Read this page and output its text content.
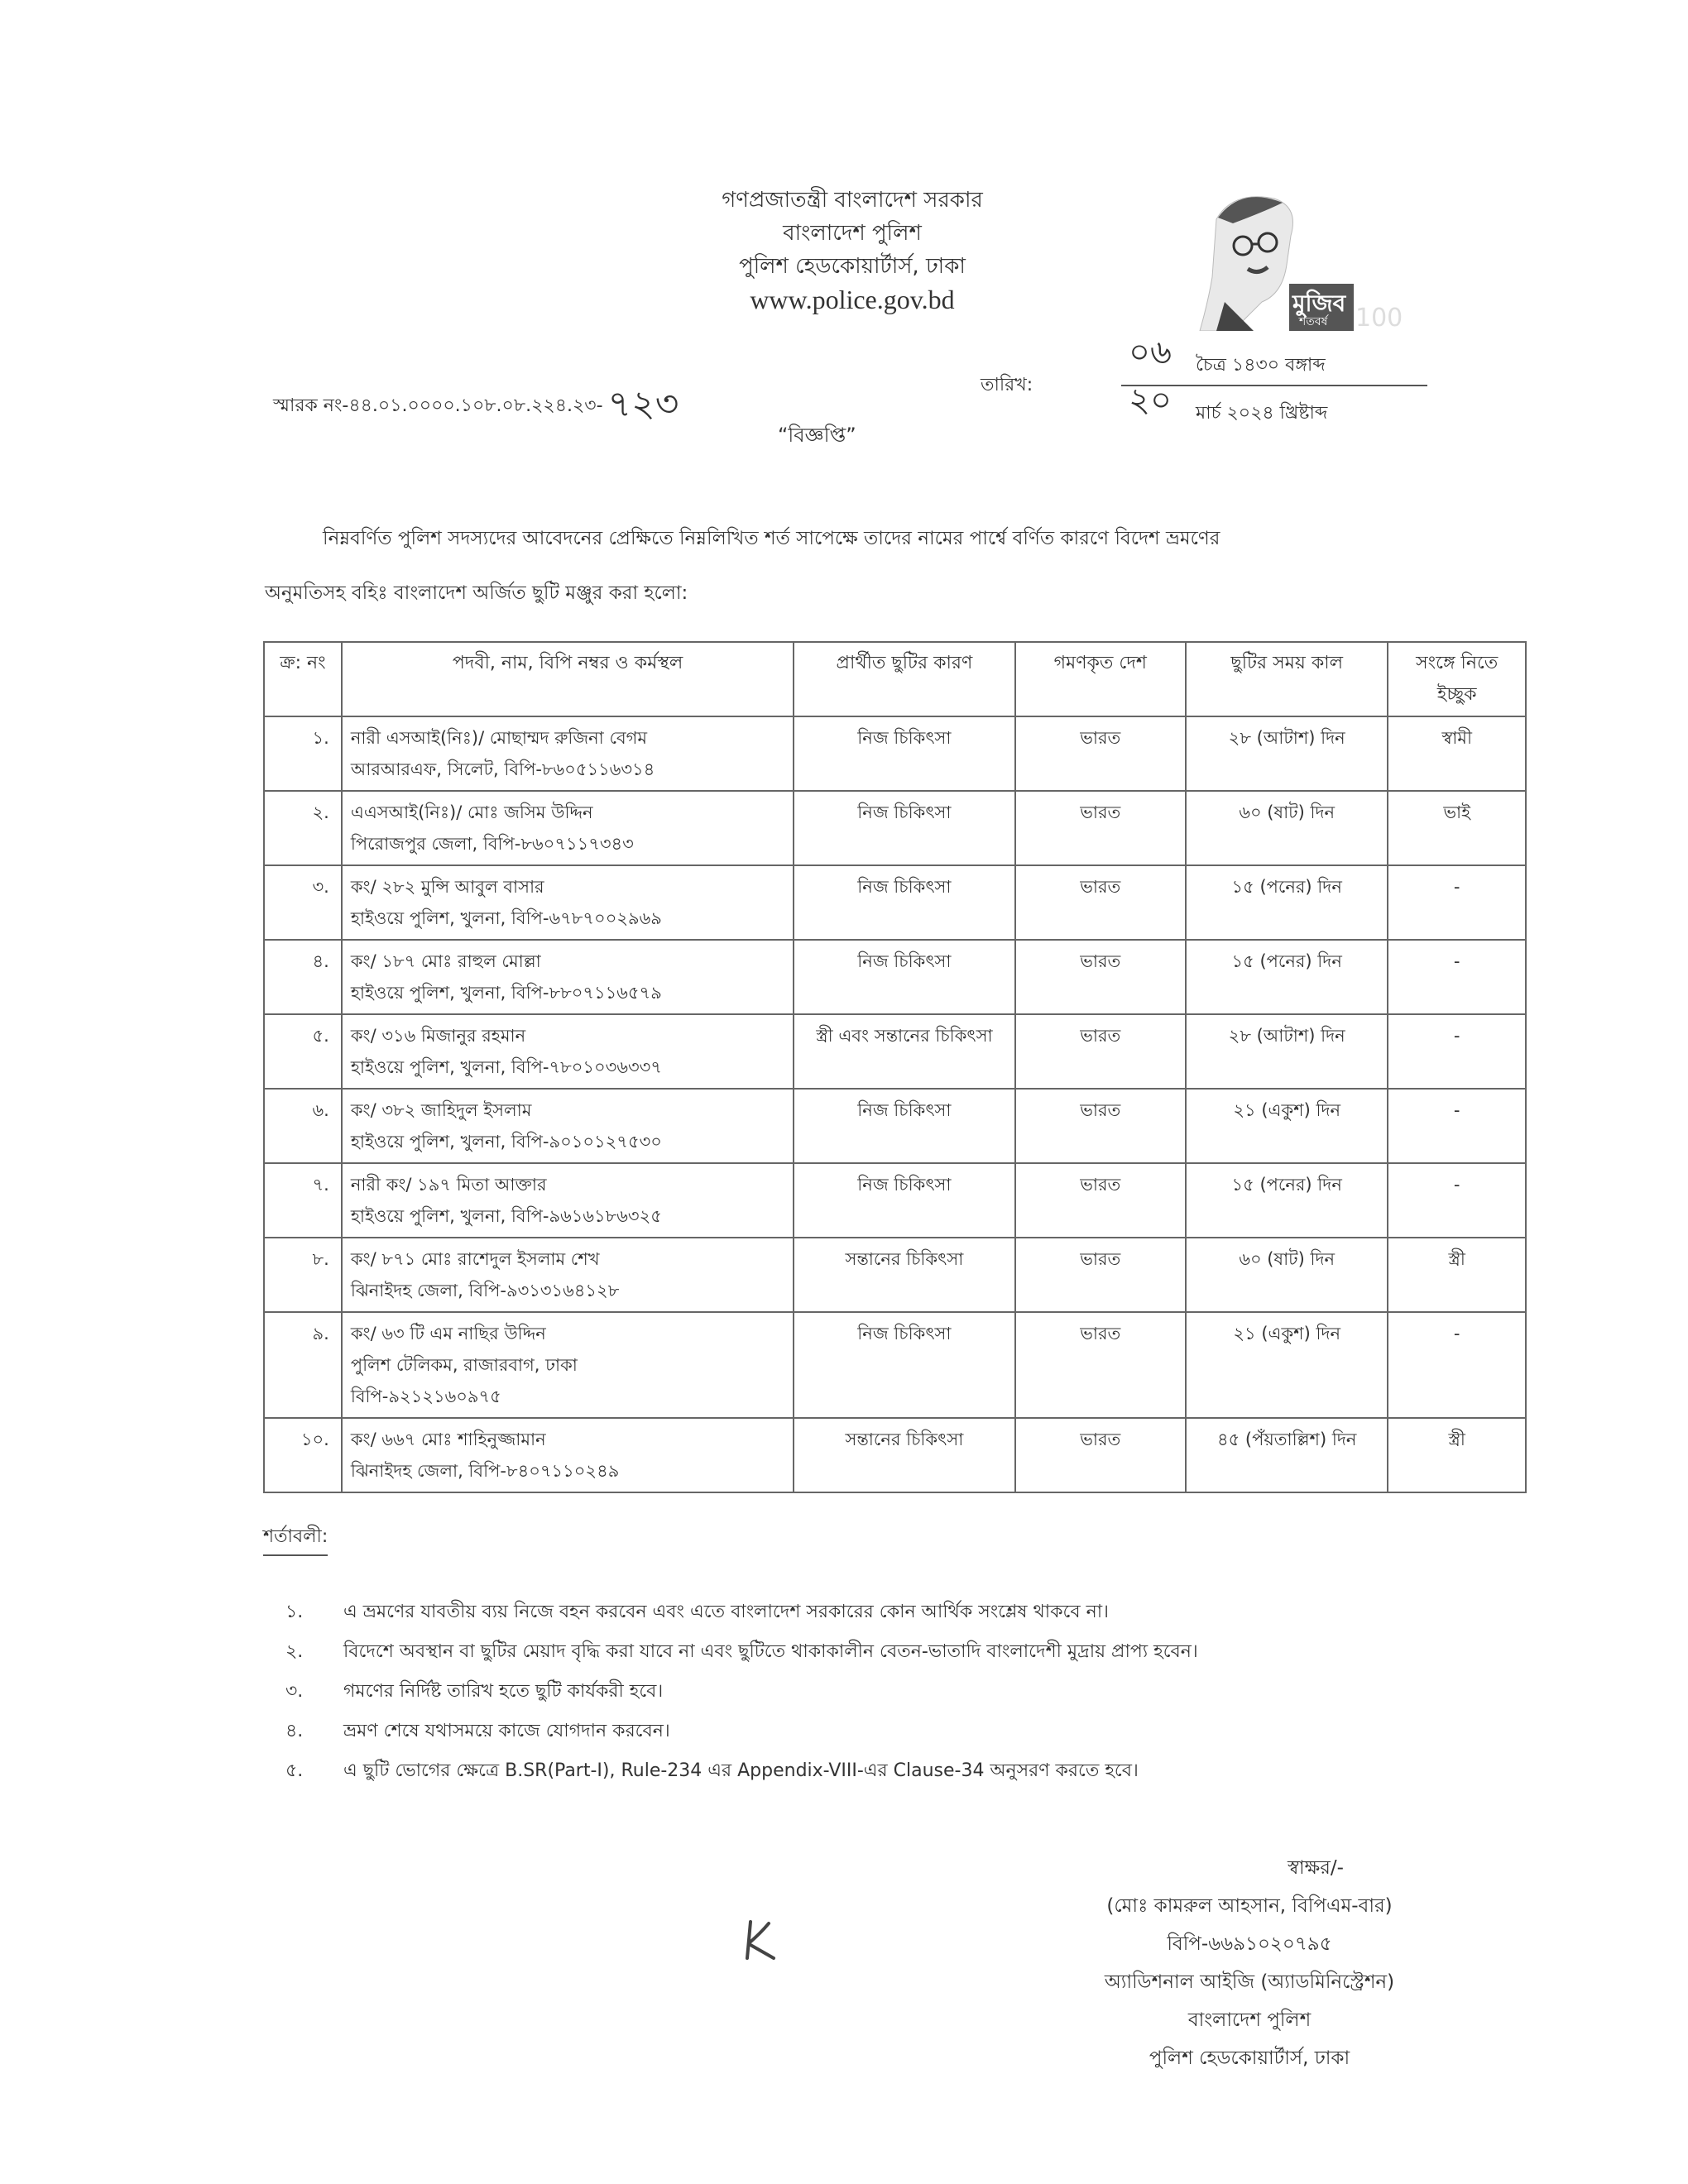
গণপ্রজাতন্ত্রী বাংলাদেশ সরকার
বাংলাদেশ পুলিশ
পুলিশ হেডকোয়ার্টার্স, ঢাকা
www.police.gov.bd	মুজিব
শতবর্ষ 100
স্মারক নং-৪৪.০১.০০০০.১০৮.০৮.২২৪.২৩- ৭২৩	তারিখ:
০৬	চৈত্র ১৪৩০ বঙ্গাব্দ
২০	মার্চ ২০২৪ খ্রিষ্টাব্দ
“বিজ্ঞপ্তি”
নিম্নবর্ণিত পুলিশ সদস্যদের আবেদনের প্রেক্ষিতে নিম্নলিখিত শর্ত সাপেক্ষে তাদের নামের পার্শ্বে বর্ণিত কারণে বিদেশ ভ্রমণের
অনুমতিসহ বহিঃ বাংলাদেশ অর্জিত ছুটি মঞ্জুর করা হলো:
ক্র: নং	পদবী, নাম, বিপি নম্বর ও কর্মস্থল	প্রার্থীত ছুটির কারণ	গমণকৃত দেশ	ছুটির সময় কাল	সংঙ্গে নিতে ইচ্ছুক
১.	নারী এসআই(নিঃ)/ মোছাম্মদ রুজিনা বেগম
আরআরএফ, সিলেট, বিপি-৮৬০৫১১৬৩১৪	নিজ চিকিৎসা	ভারত	২৮ (আটাশ) দিন	স্বামী
২.	এএসআই(নিঃ)/ মোঃ জসিম উদ্দিন
পিরোজপুর জেলা, বিপি-৮৬০৭১১৭৩৪৩	নিজ চিকিৎসা	ভারত	৬০ (ষাট) দিন	ভাই
৩.	কং/ ২৮২ মুন্সি আবুল বাসার
হাইওয়ে পুলিশ, খুলনা, বিপি-৬৭৮৭০০২৯৬৯	নিজ চিকিৎসা	ভারত	১৫ (পনের) দিন	-
৪.	কং/ ১৮৭ মোঃ রাহুল মোল্লা
হাইওয়ে পুলিশ, খুলনা, বিপি-৮৮০৭১১৬৫৭৯	নিজ চিকিৎসা	ভারত	১৫ (পনের) দিন	-
৫.	কং/ ৩১৬ মিজানুর রহমান
হাইওয়ে পুলিশ, খুলনা, বিপি-৭৮০১০৩৬৩৩৭	স্ত্রী এবং সন্তানের চিকিৎসা	ভারত	২৮ (আটাশ) দিন	-
৬.	কং/ ৩৮২ জাহিদুল ইসলাম
হাইওয়ে পুলিশ, খুলনা, বিপি-৯০১০১২৭৫৩০	নিজ চিকিৎসা	ভারত	২১ (একুশ) দিন	-
৭.	নারী কং/ ১৯৭ মিতা আক্তার
হাইওয়ে পুলিশ, খুলনা, বিপি-৯৬১৬১৮৬৩২৫	নিজ চিকিৎসা	ভারত	১৫ (পনের) দিন	-
৮.	কং/ ৮৭১ মোঃ রাশেদুল ইসলাম শেখ
ঝিনাইদহ জেলা, বিপি-৯৩১৩১৬৪১২৮	সন্তানের চিকিৎসা	ভারত	৬০ (ষাট) দিন	স্ত্রী
৯.	কং/ ৬৩ টি এম নাছির উদ্দিন
পুলিশ টেলিকম, রাজারবাগ, ঢাকা
বিপি-৯২১২১৬০৯৭৫	নিজ চিকিৎসা	ভারত	২১ (একুশ) দিন	-
১০.	কং/ ৬৬৭ মোঃ শাহিনুজ্জামান
ঝিনাইদহ জেলা, বিপি-৮৪০৭১১০২৪৯	সন্তানের চিকিৎসা	ভারত	৪৫ (পঁয়তাল্লিশ) দিন	স্ত্রী
শর্তাবলী:
১.	এ ভ্রমণের যাবতীয় ব্যয় নিজে বহন করবেন এবং এতে বাংলাদেশ সরকারের কোন আর্থিক সংশ্লেষ থাকবে না।
২.	বিদেশে অবস্থান বা ছুটির মেয়াদ বৃদ্ধি করা যাবে না এবং ছুটিতে থাকাকালীন বেতন-ভাতাদি বাংলাদেশী মুদ্রায় প্রাপ্য হবেন।
৩.	গমণের নির্দিষ্ট তারিখ হতে ছুটি কার্যকরী হবে।
৪.	ভ্রমণ শেষে যথাসময়ে কাজে যোগদান করবেন।
৫.	এ ছুটি ভোগের ক্ষেত্রে B.SR(Part-I), Rule-234 এর Appendix-VIII-এর Clause-34 অনুসরণ করতে হবে।
স্বাক্ষর/-
(মোঃ কামরুল আহসান, বিপিএম-বার)
বিপি-৬৬৯১০২০৭৯৫
অ্যাডিশনাল আইজি (অ্যাডমিনিস্ট্রেশন)
বাংলাদেশ পুলিশ
পুলিশ হেডকোয়ার্টার্স, ঢাকা
